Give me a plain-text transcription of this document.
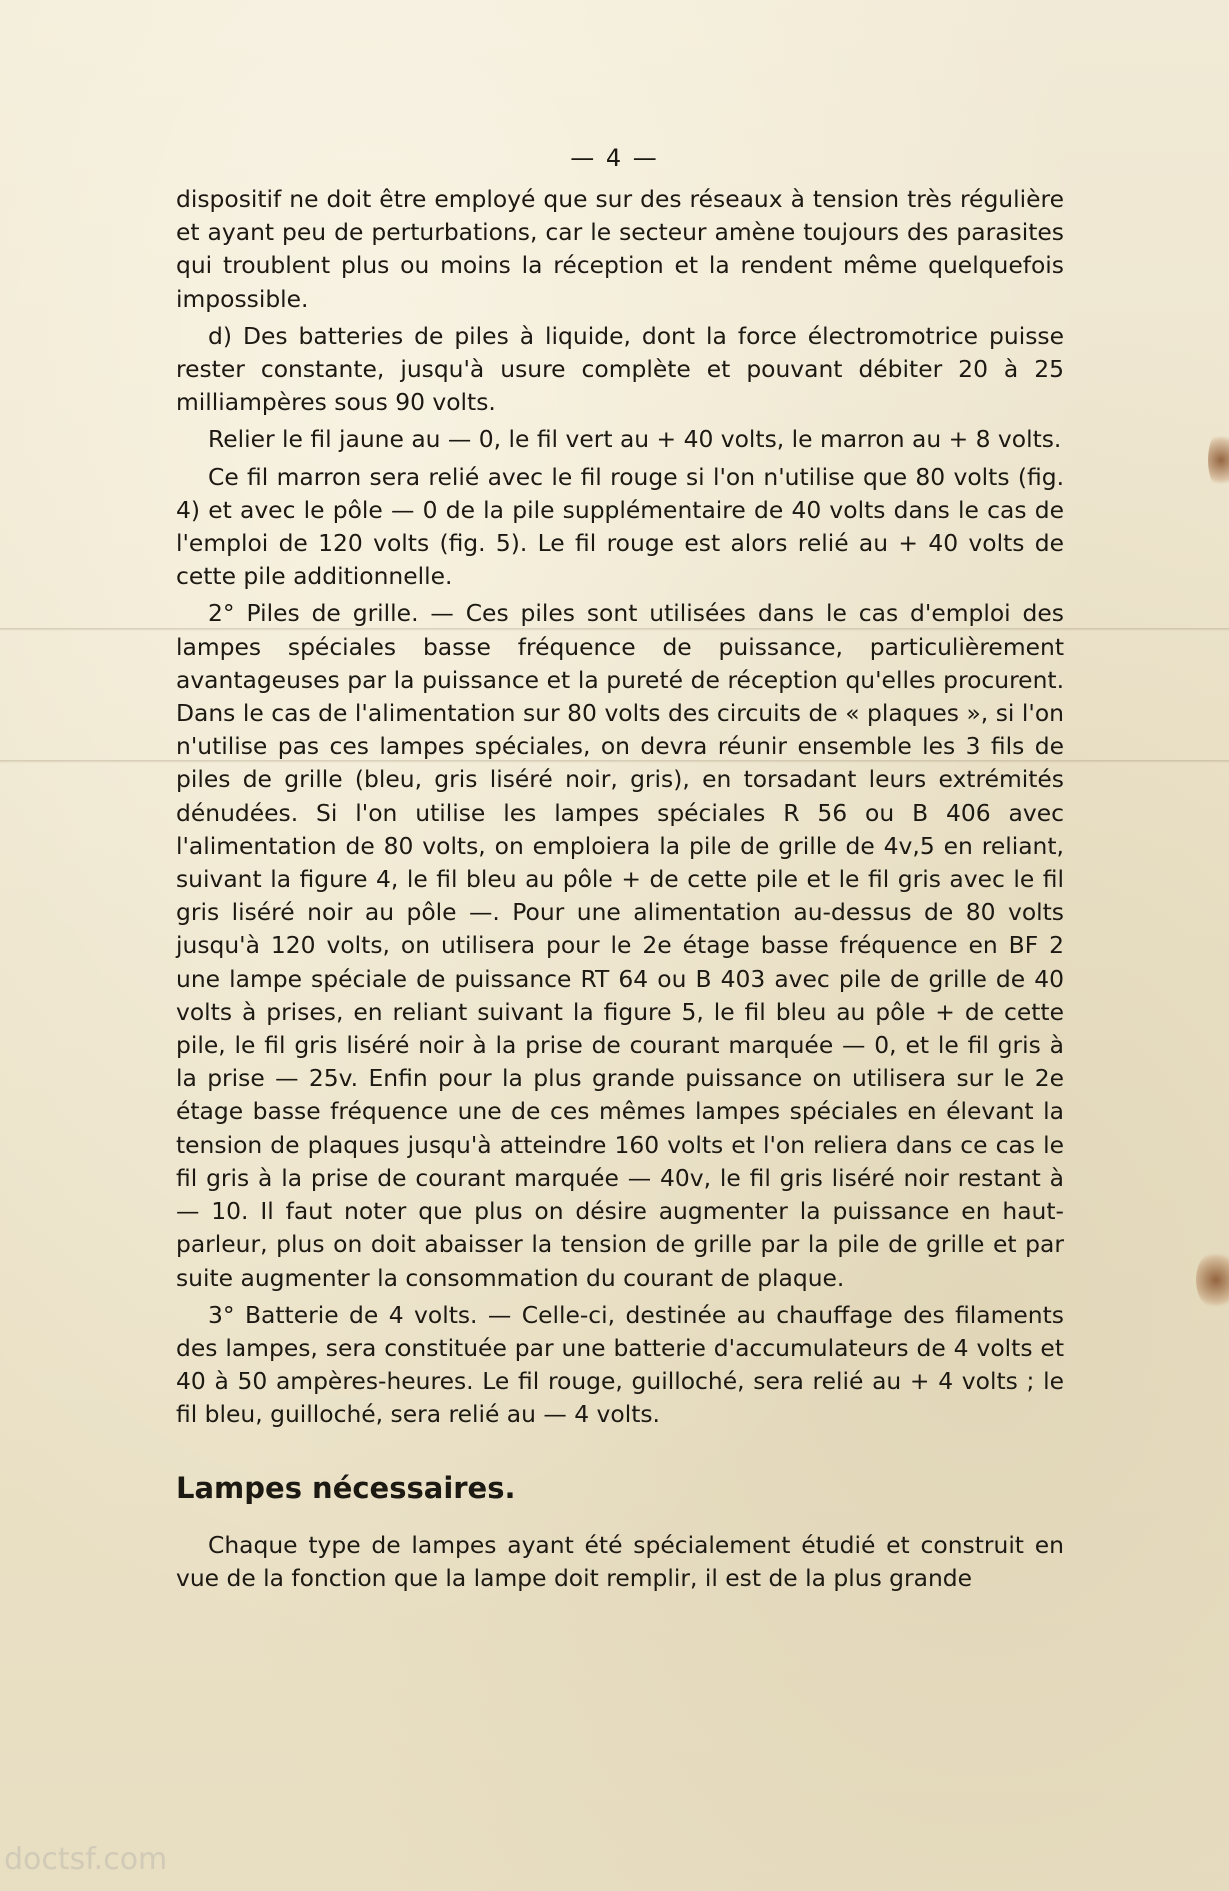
— 4 —

dispositif ne doit être employé que sur des réseaux à tension très régulière et ayant peu de perturbations, car le secteur amène toujours des parasites qui troublent plus ou moins la réception et la rendent même quelquefois impossible.

d) Des batteries de piles à liquide, dont la force électromotrice puisse rester constante, jusqu'à usure complète et pouvant débiter 20 à 25 milliampères sous 90 volts.

Relier le fil jaune au — 0, le fil vert au + 40 volts, le marron au + 8 volts.

Ce fil marron sera relié avec le fil rouge si l'on n'utilise que 80 volts (fig. 4) et avec le pôle — 0 de la pile supplémentaire de 40 volts dans le cas de l'emploi de 120 volts (fig. 5). Le fil rouge est alors relié au + 40 volts de cette pile additionnelle.

2° Piles de grille. — Ces piles sont utilisées dans le cas d'emploi des lampes spéciales basse fréquence de puissance, particulièrement avantageuses par la puissance et la pureté de réception qu'elles procurent. Dans le cas de l'alimentation sur 80 volts des circuits de « plaques », si l'on n'utilise pas ces lampes spéciales, on devra réunir ensemble les 3 fils de piles de grille (bleu, gris liséré noir, gris), en torsadant leurs extrémités dénudées. Si l'on utilise les lampes spéciales R 56 ou B 406 avec l'alimentation de 80 volts, on emploiera la pile de grille de 4v,5 en reliant, suivant la figure 4, le fil bleu au pôle + de cette pile et le fil gris avec le fil gris liséré noir au pôle —. Pour une alimentation au-dessus de 80 volts jusqu'à 120 volts, on utilisera pour le 2e étage basse fréquence en BF 2 une lampe spéciale de puissance RT 64 ou B 403 avec pile de grille de 40 volts à prises, en reliant suivant la figure 5, le fil bleu au pôle + de cette pile, le fil gris liséré noir à la prise de courant marquée — 0, et le fil gris à la prise — 25v. Enfin pour la plus grande puissance on utilisera sur le 2e étage basse fréquence une de ces mêmes lampes spéciales en élevant la tension de plaques jusqu'à atteindre 160 volts et l'on reliera dans ce cas le fil gris à la prise de courant marquée — 40v, le fil gris liséré noir restant à — 10. Il faut noter que plus on désire augmenter la puissance en haut-parleur, plus on doit abaisser la tension de grille par la pile de grille et par suite augmenter la consommation du courant de plaque.

3° Batterie de 4 volts. — Celle-ci, destinée au chauffage des filaments des lampes, sera constituée par une batterie d'accumulateurs de 4 volts et 40 à 50 ampères-heures. Le fil rouge, guilloché, sera relié au + 4 volts ; le fil bleu, guilloché, sera relié au — 4 volts.

Lampes nécessaires.

Chaque type de lampes ayant été spécialement étudié et construit en vue de la fonction que la lampe doit remplir, il est de la plus grande

doctsf.com
